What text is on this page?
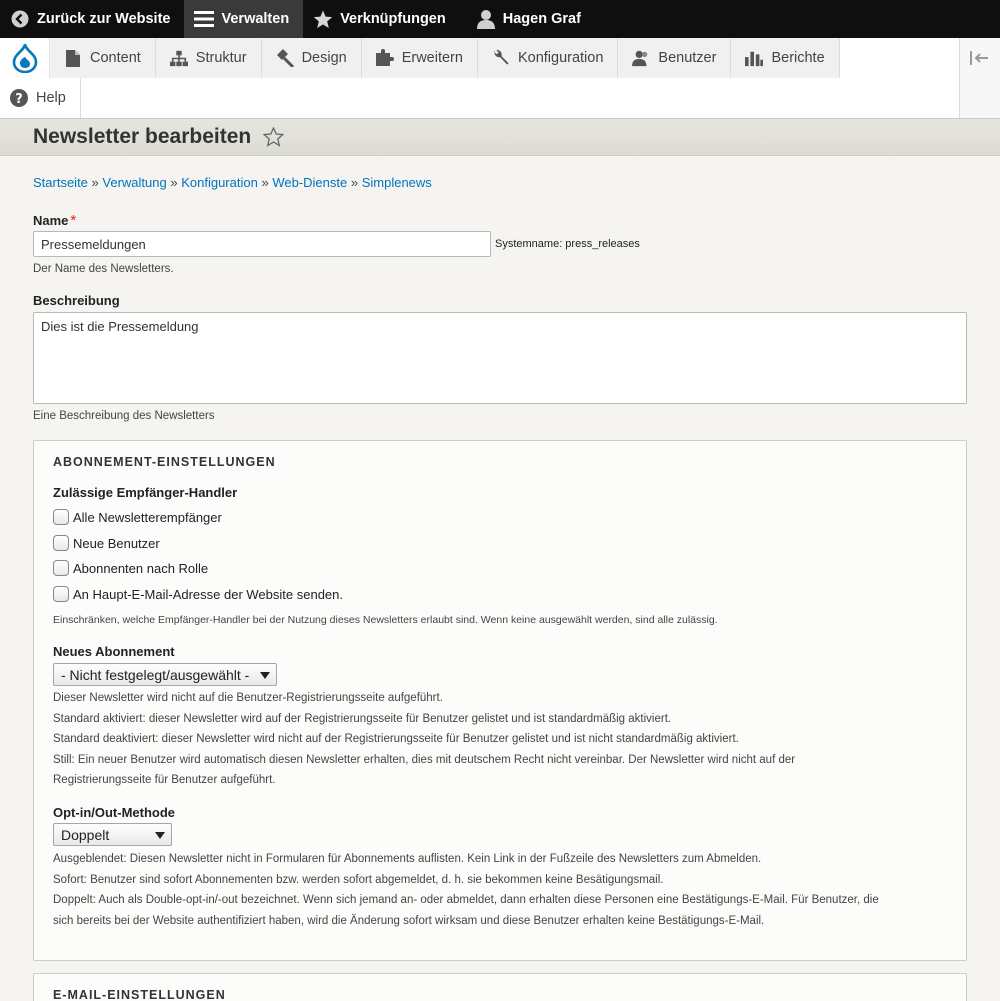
Zurück zur Website	Verwalten	Verknüpfungen	Hagen Graf
Content	Struktur	Design	Erweitern	Konfiguration	Benutzer	Berichte
? Help
Newsletter bearbeiten
Startseite » Verwaltung » Konfiguration » Web-Dienste » Simplenews
Name *
Pressemeldungen
Systemname: press_releases
Der Name des Newsletters.
Beschreibung
Dies ist die Pressemeldung
Eine Beschreibung des Newsletters
ABONNEMENT-EINSTELLUNGEN
Zulässige Empfänger-Handler
Alle Newsletterempfänger
Neue Benutzer
Abonnenten nach Rolle
An Haupt-E-Mail-Adresse der Website senden.
Einschränken, welche Empfänger-Handler bei der Nutzung dieses Newsletters erlaubt sind. Wenn keine ausgewählt werden, sind alle zulässig.
Neues Abonnement
- Nicht festgelegt/ausgewählt -
Dieser Newsletter wird nicht auf die Benutzer-Registrierungsseite aufgeführt.
Standard aktiviert: dieser Newsletter wird auf der Registrierungsseite für Benutzer gelistet und ist standardmäßig aktiviert.
Standard deaktiviert: dieser Newsletter wird nicht auf der Registrierungsseite für Benutzer gelistet und ist nicht standardmäßig aktiviert.
Still: Ein neuer Benutzer wird automatisch diesen Newsletter erhalten, dies mit deutschem Recht nicht vereinbar. Der Newsletter wird nicht auf der
Registrierungsseite für Benutzer aufgeführt.
Opt-in/Out-Methode
Doppelt
Ausgeblendet: Diesen Newsletter nicht in Formularen für Abonnements auflisten. Kein Link in der Fußzeile des Newsletters zum Abmelden.
Sofort: Benutzer sind sofort Abonnementen bzw. werden sofort abgemeldet, d. h. sie bekommen keine Besätigungsmail.
Doppelt: Auch als Double-opt-in/-out bezeichnet. Wenn sich jemand an- oder abmeldet, dann erhalten diese Personen eine Bestätigungs-E-Mail. Für Benutzer, die
sich bereits bei der Website authentifiziert haben, wird die Änderung sofort wirksam und diese Benutzer erhalten keine Bestätigungs-E-Mail.
E-MAIL-EINSTELLUNGEN
